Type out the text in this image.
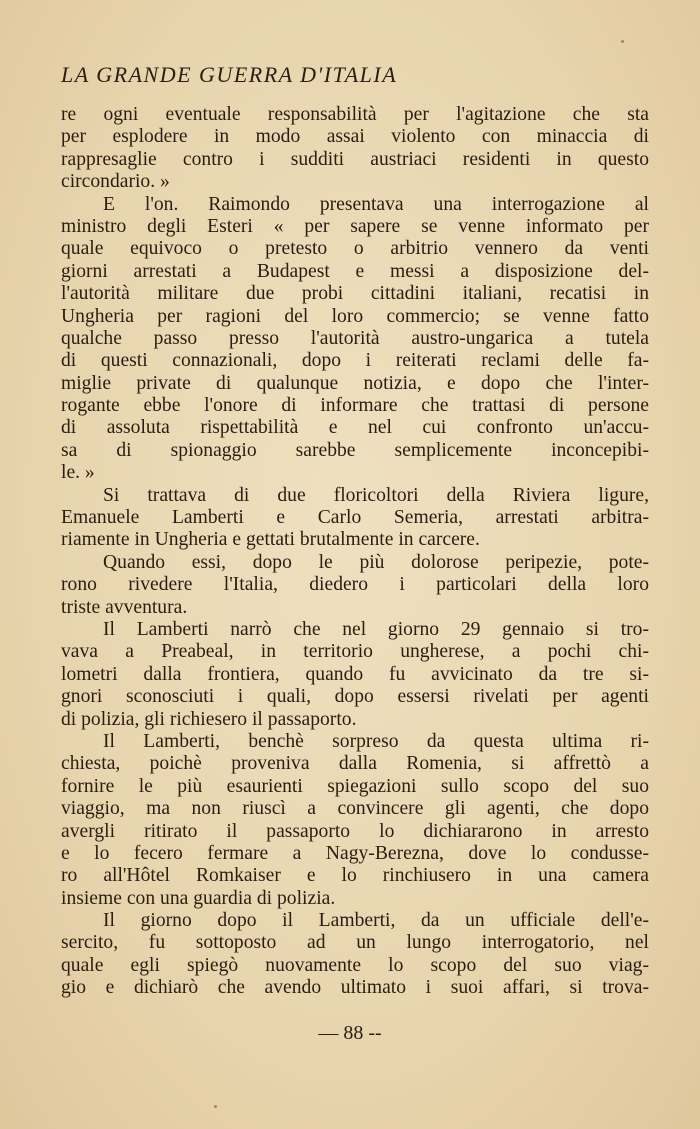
LA GRANDE GUERRA D'ITALIA
re ogni eventuale responsabilità per l'agitazione che sta
per esplodere in modo assai violento con minaccia di
rappresaglie contro i sudditi austriaci residenti in questo
circondario. »
E l'on. Raimondo presentava una interrogazione al
ministro degli Esteri « per sapere se venne informato per
quale equivoco o pretesto o arbitrio vennero da venti
giorni arrestati a Budapest e messi a disposizione del-
l'autorità militare due probi cittadini italiani, recatisi in
Ungheria per ragioni del loro commercio; se venne fatto
qualche passo presso l'autorità austro-ungarica a tutela
di questi connazionali, dopo i reiterati reclami delle fa-
miglie private di qualunque notizia, e dopo che l'inter-
rogante ebbe l'onore di informare che trattasi di persone
di assoluta rispettabilità e nel cui confronto un'accu-
sa di spionaggio sarebbe semplicemente inconcepibi-
le. »
Si trattava di due floricoltori della Riviera ligure,
Emanuele Lamberti e Carlo Semeria, arrestati arbitra-
riamente in Ungheria e gettati brutalmente in carcere.
Quando essi, dopo le più dolorose peripezie, pote-
rono rivedere l'Italia, diedero i particolari della loro
triste avventura.
Il Lamberti narrò che nel giorno 29 gennaio si tro-
vava a Preabeal, in territorio ungherese, a pochi chi-
lometri dalla frontiera, quando fu avvicinato da tre si-
gnori sconosciuti i quali, dopo essersi rivelati per agenti
di polizia, gli richiesero il passaporto.
Il Lamberti, benchè sorpreso da questa ultima ri-
chiesta, poichè proveniva dalla Romenia, si affrettò a
fornire le più esaurienti spiegazioni sullo scopo del suo
viaggio, ma non riuscì a convincere gli agenti, che dopo
avergli ritirato il passaporto lo dichiararono in arresto
e lo fecero fermare a Nagy-Berezna, dove lo condusse-
ro all'Hôtel Romkaiser e lo rinchiusero in una camera
insieme con una guardia di polizia.
Il giorno dopo il Lamberti, da un ufficiale dell'e-
sercito, fu sottoposto ad un lungo interrogatorio, nel
quale egli spiegò nuovamente lo scopo del suo viag-
gio e dichiarò che avendo ultimato i suoi affari, si trova-
— 88 --
